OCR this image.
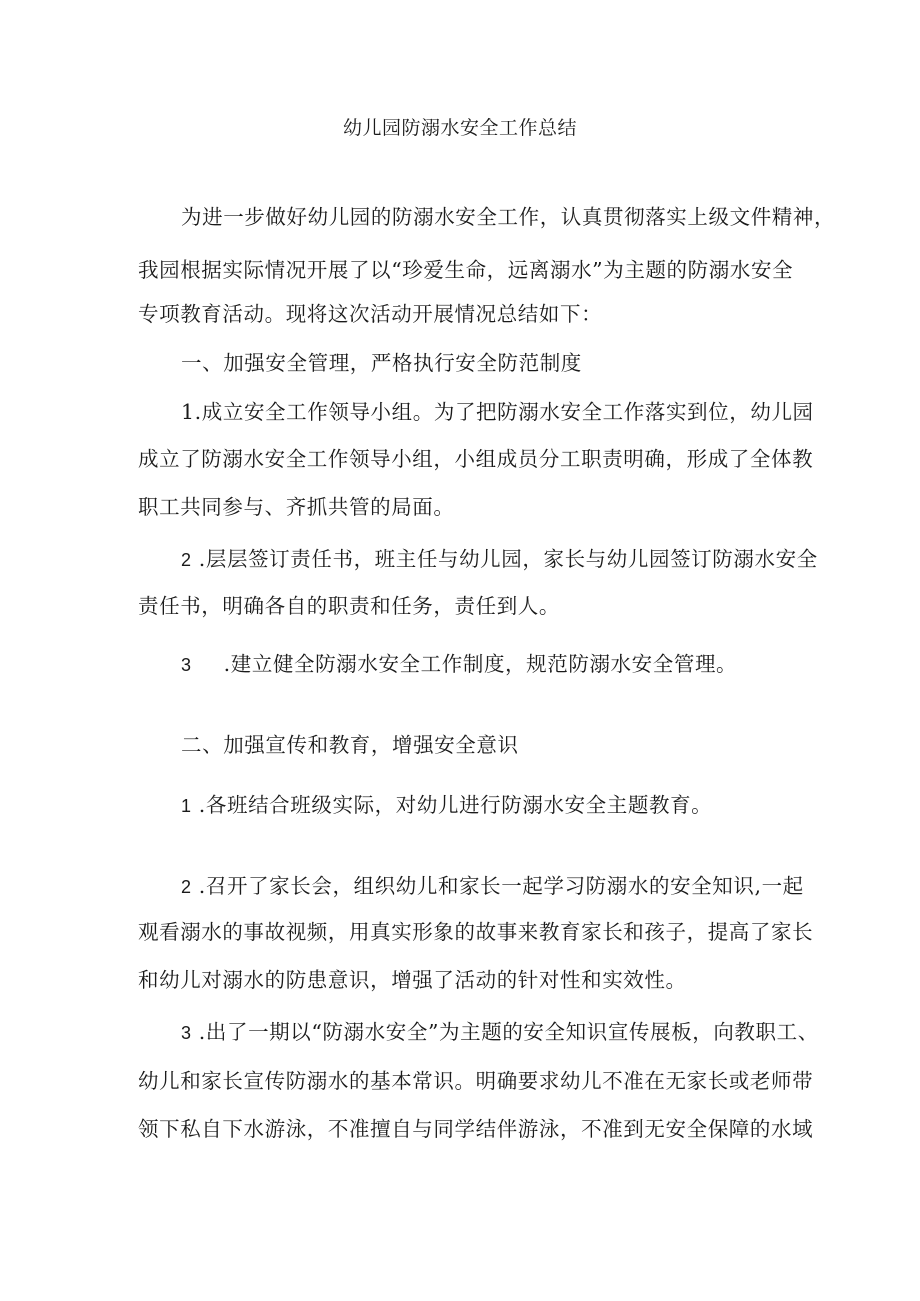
幼儿园防溺水安全工作总结
为进一步做好幼儿园的防溺水安全工作，认真贯彻落实上级文件精神，
我园根据实际情况开展了以“珍爱生命，远离溺水”为主题的防溺水安全
专项教育活动。现将这次活动开展情况总结如下：
一、加强安全管理，严格执行安全防范制度
1.成立安全工作领导小组。为了把防溺水安全工作落实到位，幼儿园
成立了防溺水安全工作领导小组，小组成员分工职责明确，形成了全体教
职工共同参与、齐抓共管的局面。
2 .层层签订责任书，班主任与幼儿园，家长与幼儿园签订防溺水安全
责任书，明确各自的职责和任务，责任到人。
3 .建立健全防溺水安全工作制度，规范防溺水安全管理。
二、加强宣传和教育，增强安全意识
1 .各班结合班级实际，对幼儿进行防溺水安全主题教育。
2 .召开了家长会，组织幼儿和家长一起学习防溺水的安全知识,一起
观看溺水的事故视频，用真实形象的故事来教育家长和孩子，提高了家长
和幼儿对溺水的防患意识，增强了活动的针对性和实效性。
3 .出了一期以“防溺水安全”为主题的安全知识宣传展板，向教职工、
幼儿和家长宣传防溺水的基本常识。明确要求幼儿不准在无家长或老师带
领下私自下水游泳，不准擅自与同学结伴游泳，不准到无安全保障的水域
